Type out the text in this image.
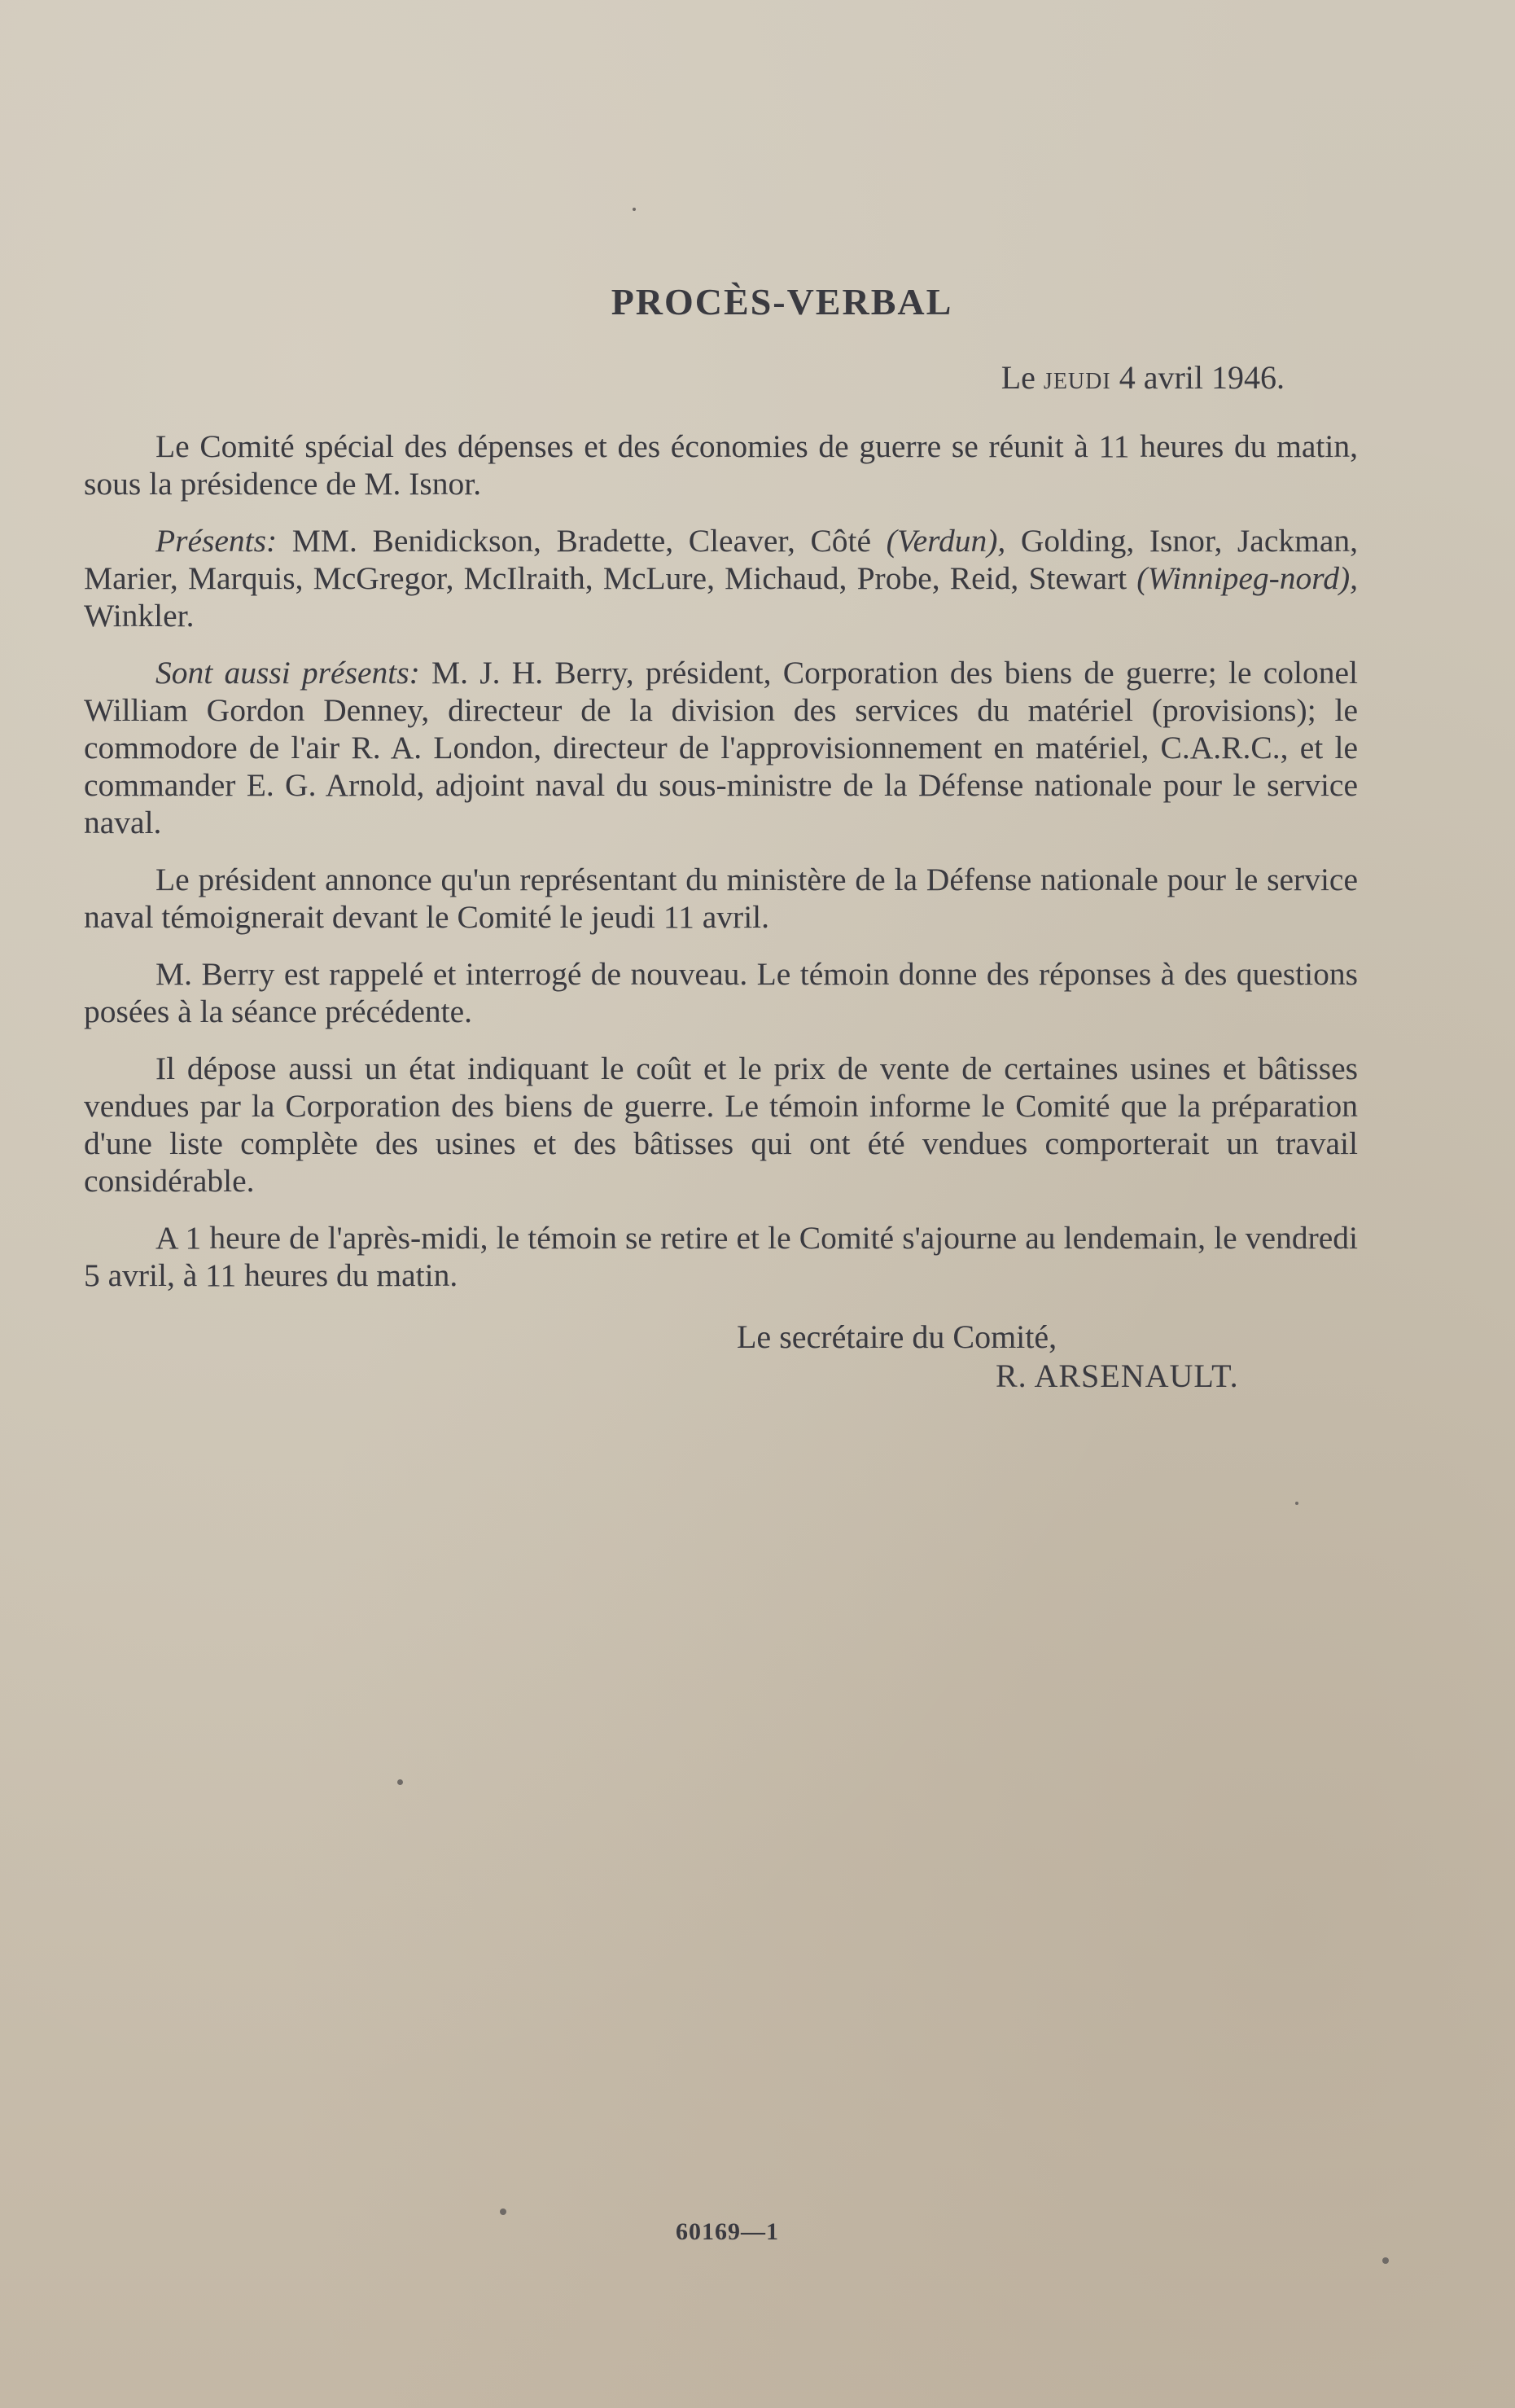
PROCÈS-VERBAL
Le jeudi 4 avril 1946.

Le Comité spécial des dépenses et des économies de guerre se réunit à 11 heures du matin, sous la présidence de M. Isnor.

Présents: MM. Benidickson, Bradette, Cleaver, Côté (Verdun), Golding, Isnor, Jackman, Marier, Marquis, McGregor, McIlraith, McLure, Michaud, Probe, Reid, Stewart (Winnipeg-nord), Winkler.

Sont aussi présents: M. J. H. Berry, président, Corporation des biens de guerre; le colonel William Gordon Denney, directeur de la division des services du matériel (provisions); le commodore de l'air R. A. London, directeur de l'approvisionnement en matériel, C.A.R.C., et le commander E. G. Arnold, adjoint naval du sous-ministre de la Défense nationale pour le service naval.

Le président annonce qu'un représentant du ministère de la Défense nationale pour le service naval témoignerait devant le Comité le jeudi 11 avril.

M. Berry est rappelé et interrogé de nouveau. Le témoin donne des réponses à des questions posées à la séance précédente.

Il dépose aussi un état indiquant le coût et le prix de vente de certaines usines et bâtisses vendues par la Corporation des biens de guerre. Le témoin informe le Comité que la préparation d'une liste complète des usines et des bâtisses qui ont été vendues comporterait un travail considérable.

A 1 heure de l'après-midi, le témoin se retire et le Comité s'ajourne au lendemain, le vendredi 5 avril, à 11 heures du matin.

Le secrétaire du Comité,
R. ARSENAULT.
60169—1
